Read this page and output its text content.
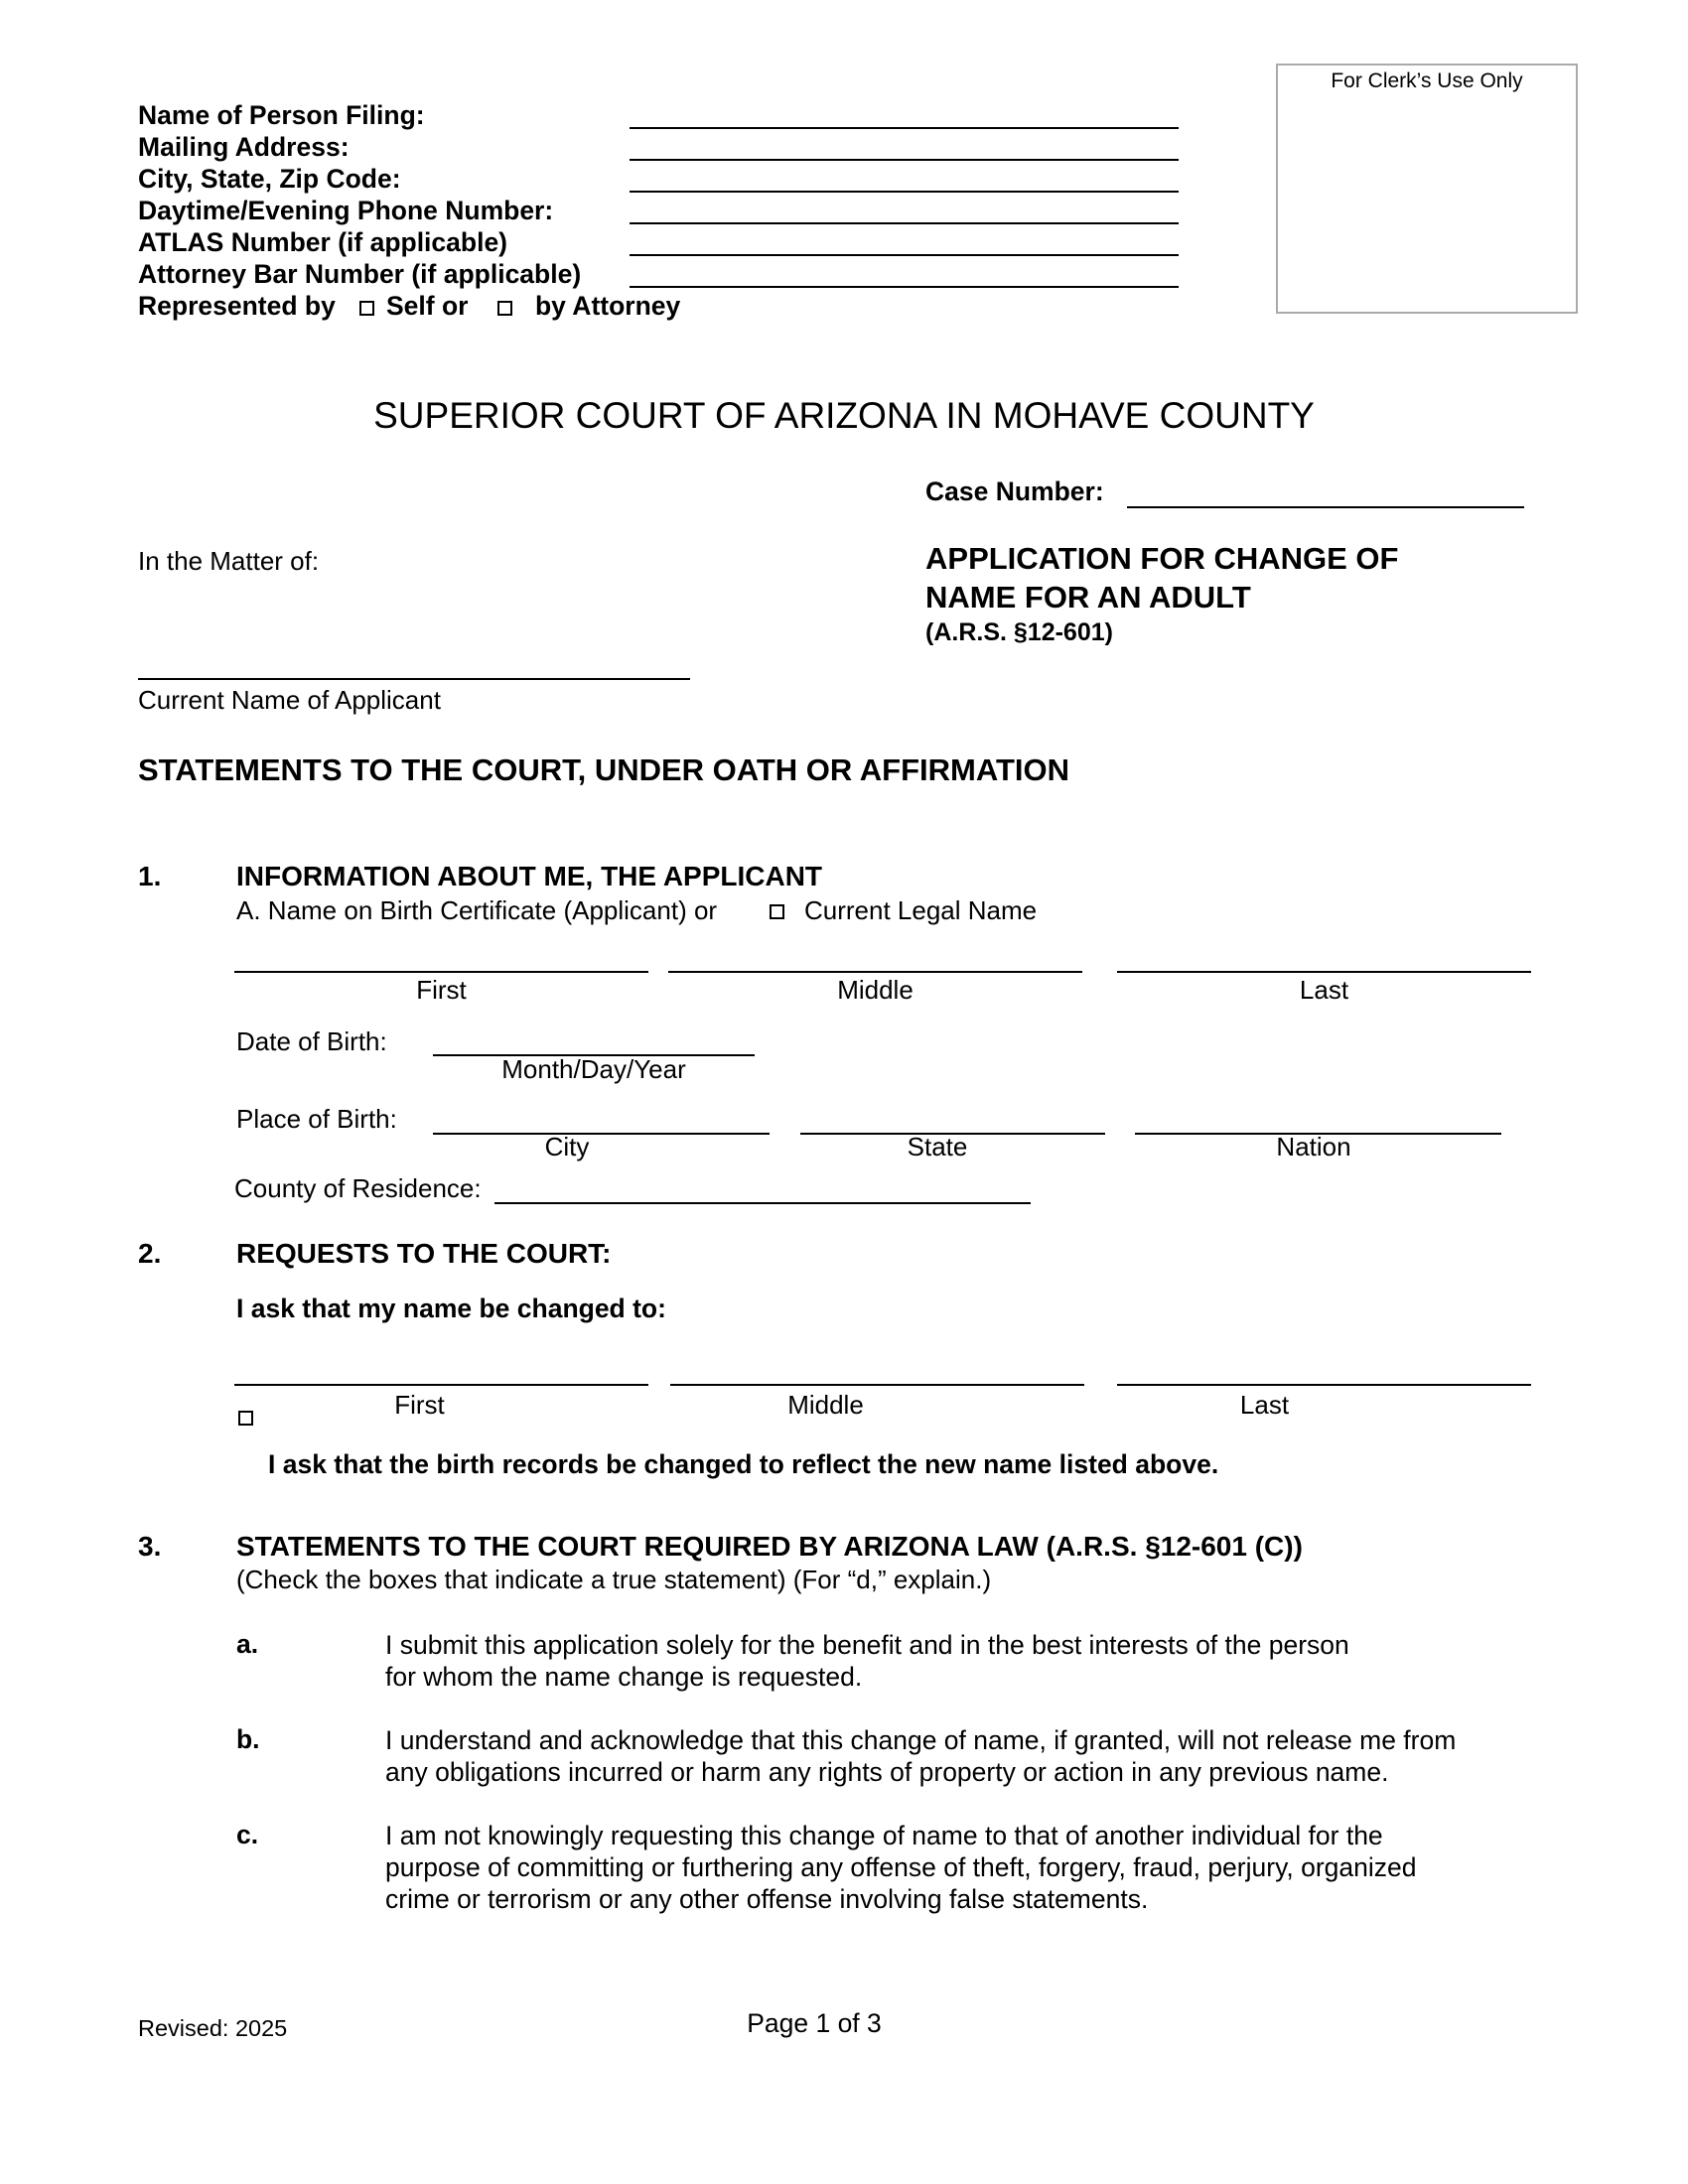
For Clerk’s Use Only
Name of Person Filing:
Mailing Address:
City, State, Zip Code:
Daytime/Evening Phone Number:
ATLAS Number (if applicable)
Attorney Bar Number (if applicable)
Represented by Self or	by Attorney
SUPERIOR COURT OF ARIZONA IN MOHAVE COUNTY
Case Number:
In the Matter of:	APPLICATION FOR CHANGE OF
NAME FOR AN ADULT
(A.R.S. §12-601)
Current Name of Applicant
STATEMENTS TO THE COURT, UNDER OATH OR AFFIRMATION
1.	INFORMATION ABOUT ME, THE APPLICANT
A. Name on Birth Certificate (Applicant) or	Current Legal Name
First	Middle	Last
Date of Birth:
Month/Day/Year
Place of Birth:
City	State	Nation
County of Residence:
2.	REQUESTS TO THE COURT:
I ask that my name be changed to:
First	Middle	Last
I ask that the birth records be changed to reflect the new name listed above.
3.	STATEMENTS TO THE COURT REQUIRED BY ARIZONA LAW (A.R.S. §12-601 (C))
(Check the boxes that indicate a true statement) (For “d,” explain.)
a.	I submit this application solely for the benefit and in the best interests of the person
for whom the name change is requested.
b.	I understand and acknowledge that this change of name, if granted, will not release me from
any obligations incurred or harm any rights of property or action in any previous name.
c.	I am not knowingly requesting this change of name to that of another individual for the
purpose of committing or furthering any offense of theft, forgery, fraud, perjury, organized
crime or terrorism or any other offense involving false statements.
Revised: 2025	Page 1 of 3
